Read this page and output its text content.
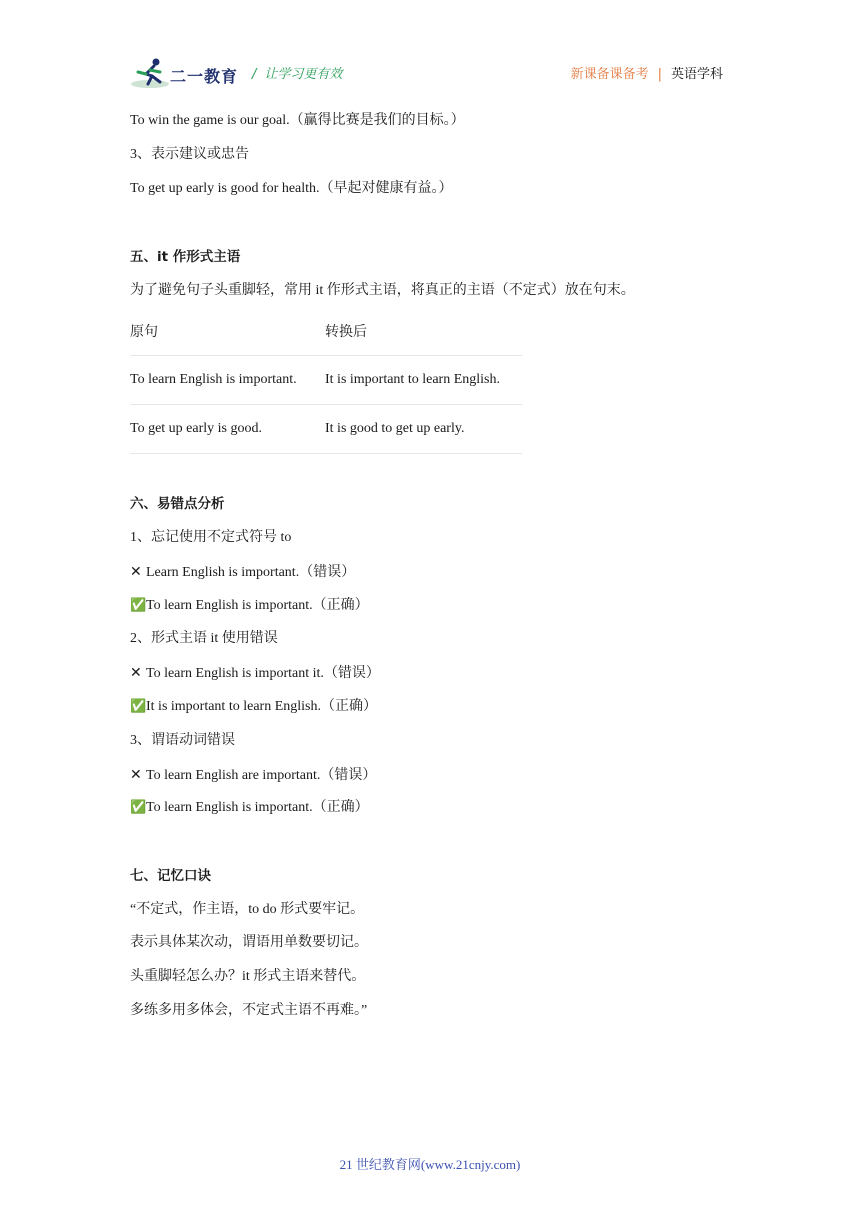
二一教育 / 让学习更有效	新课备课备考 | 英语学科
To win the game is our goal.（赢得比赛是我们的目标。）
3、表示建议或忠告
To get up early is good for health.（早起对健康有益。）
五、it 作形式主语
为了避免句子头重脚轻，常用 it 作形式主语，将真正的主语（不定式）放在句末。
六、易错点分析
1、忘记使用不定式符号 to
✕ Learn English is important.（错误）
✅To learn English is important.（正确）
2、形式主语 it 使用错误
✕ To learn English is important it.（错误）
✅It is important to learn English.（正确）
3、谓语动词错误
✕ To learn English are important.（错误）
✅To learn English is important.（正确）
七、记忆口诀
“不定式，作主语，to do 形式要牢记。
表示具体某次动，谓语用单数要切记。
头重脚轻怎么办？it 形式主语来替代。
多练多用多体会，不定式主语不再难。”
原句	转换后
To learn English is important.	It is important to learn English.
To get up early is good.	It is good to get up early.
21 世纪教育网(www.21cnjy.com)
